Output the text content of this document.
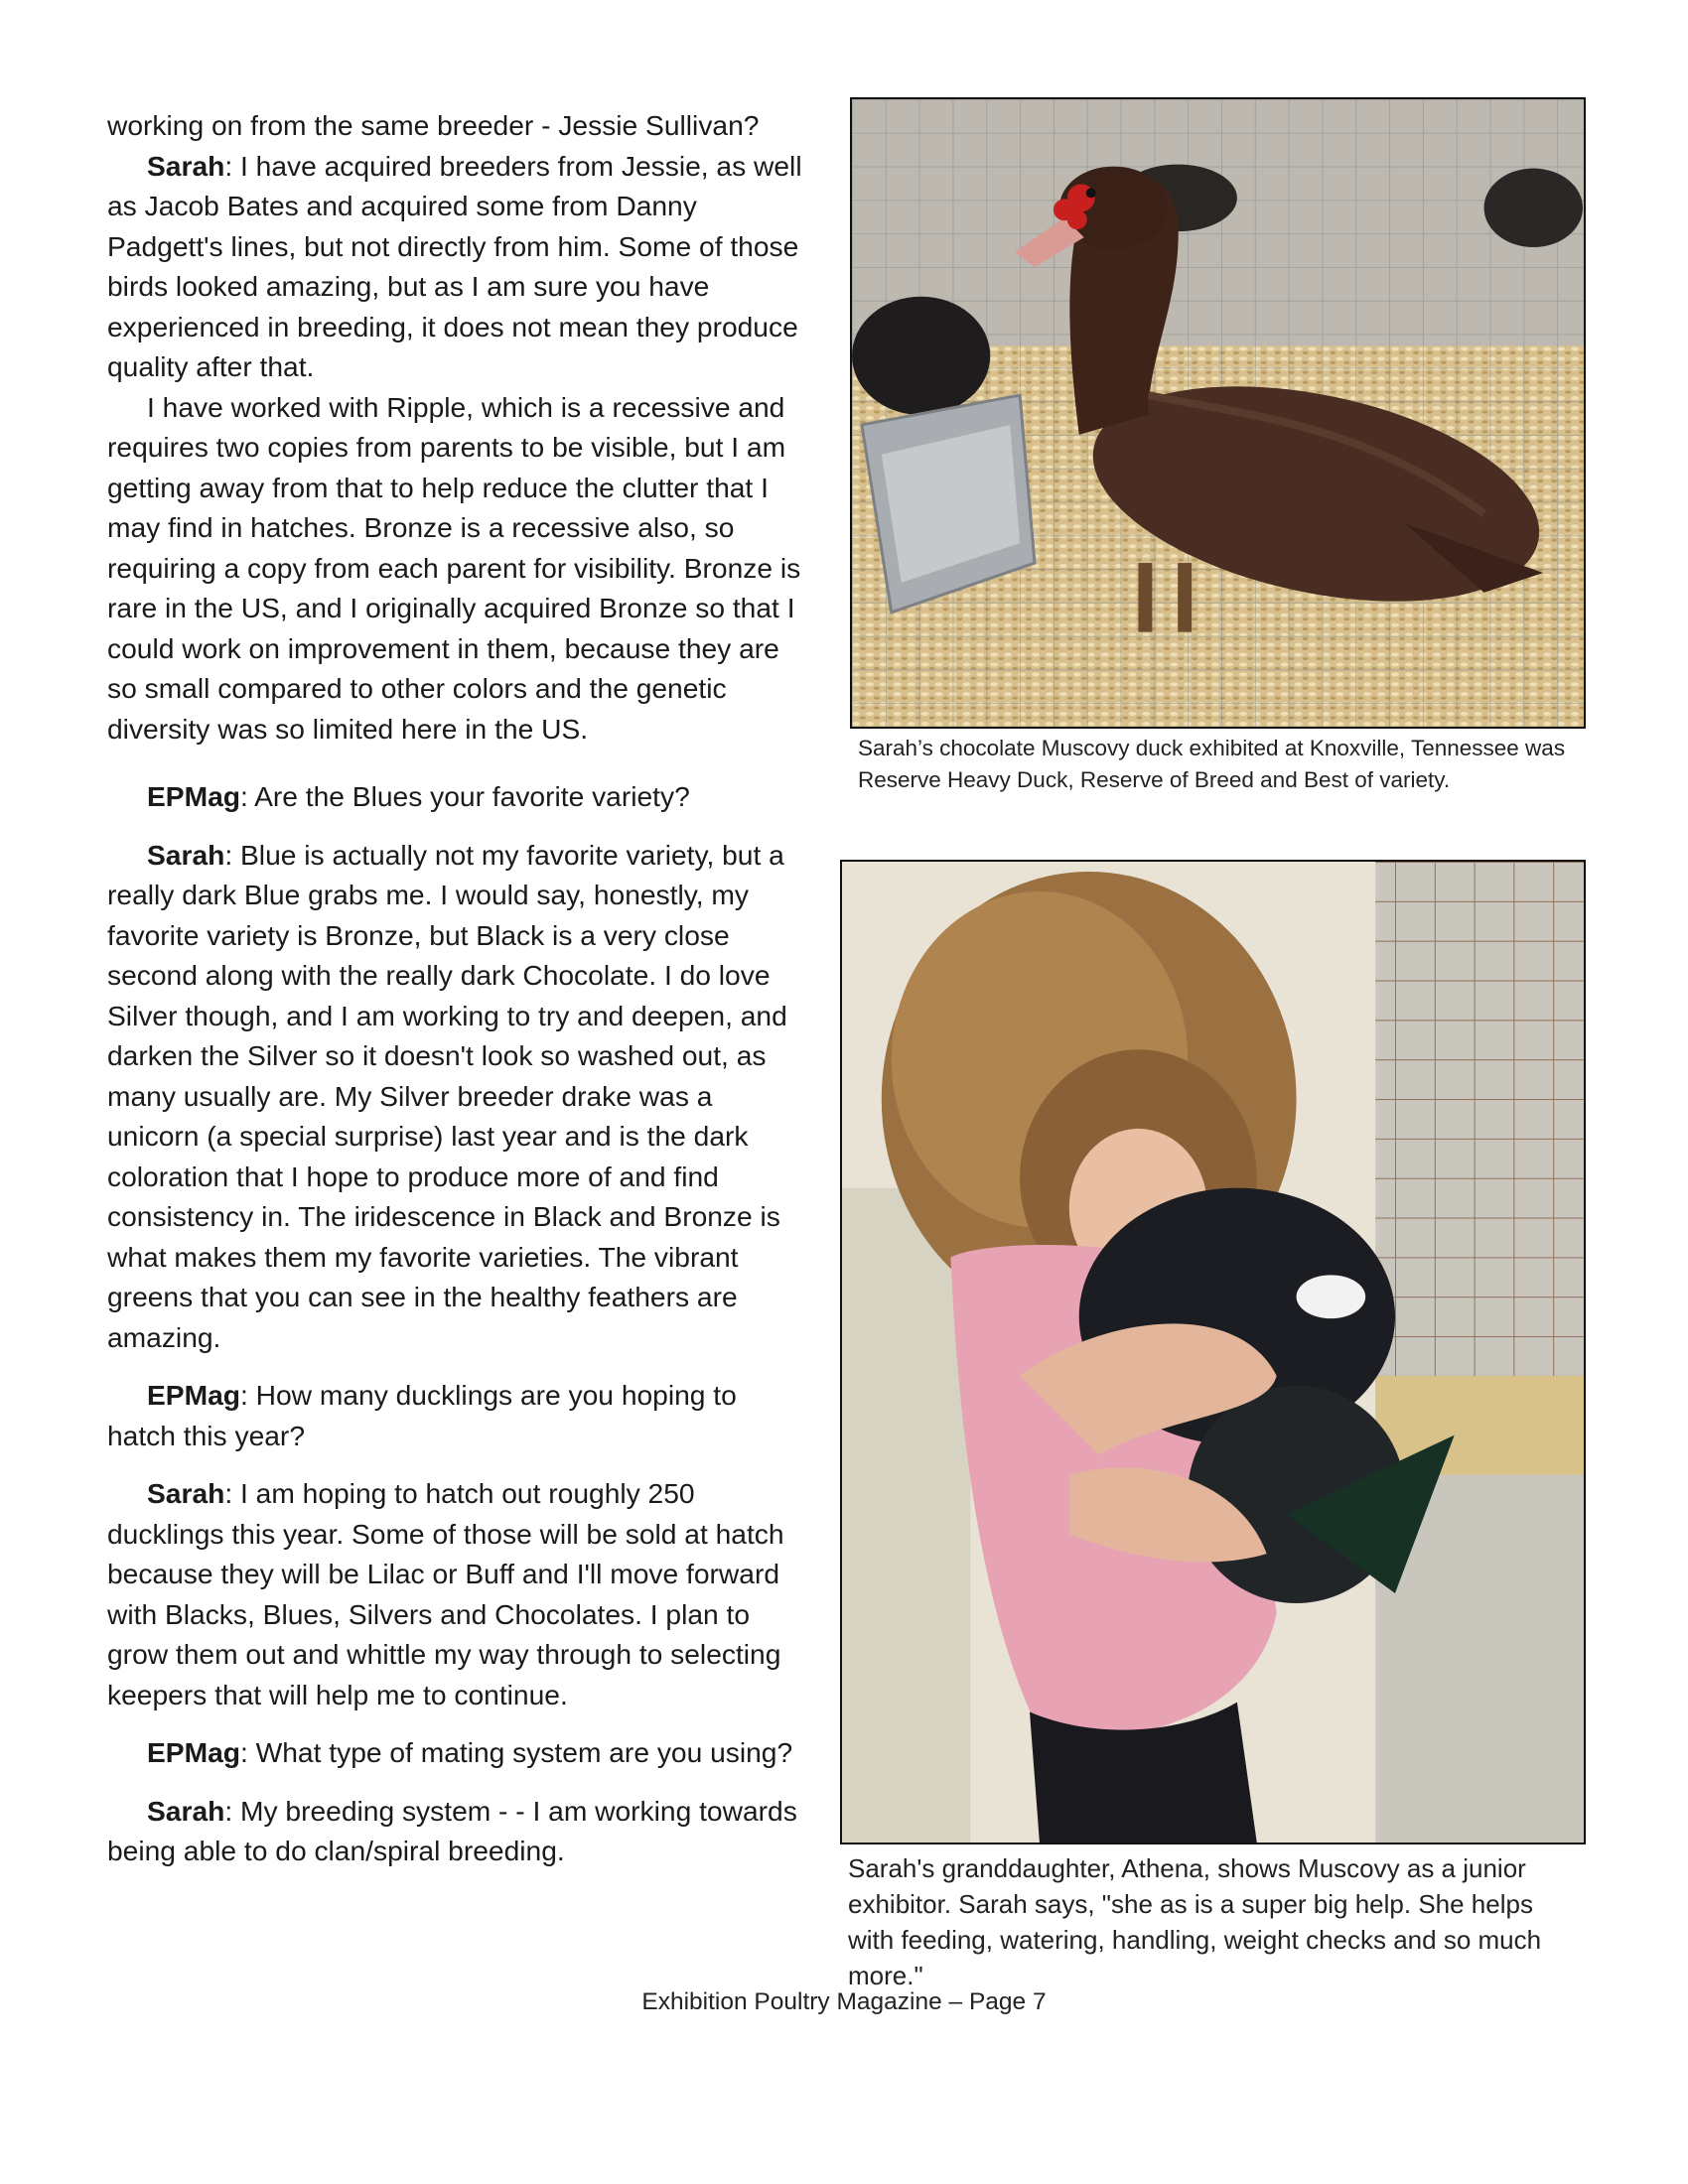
working on from the same breeder - Jessie Sullivan?

Sarah: I have acquired breeders from Jessie, as well as Jacob Bates and acquired some from Danny Padgett's lines, but not directly from him. Some of those birds looked amazing, but as I am sure you have experienced in breeding, it does not mean they produce quality after that.

I have worked with Ripple, which is a recessive and requires two copies from parents to be visible, but I am getting away from that to help reduce the clutter that I may find in hatches. Bronze is a recessive also, so requiring a copy from each parent for visibility. Bronze is rare in the US, and I originally acquired Bronze so that I could work on improvement in them, because they are so small compared to other colors and the genetic diversity was so limited here in the US.

EPMag: Are the Blues your favorite variety?

Sarah: Blue is actually not my favorite variety, but a really dark Blue grabs me. I would say, honestly, my favorite variety is Bronze, but Black is a very close second along with the really dark Chocolate. I do love Silver though, and I am working to try and deepen, and darken the Silver so it doesn't look so washed out, as many usually are. My Silver breeder drake was a unicorn (a special surprise) last year and is the dark coloration that I hope to produce more of and find consistency in. The iridescence in Black and Bronze is what makes them my favorite varieties. The vibrant greens that you can see in the healthy feathers are amazing.

EPMag: How many ducklings are you hoping to hatch this year?

Sarah: I am hoping to hatch out roughly 250 ducklings this year. Some of those will be sold at hatch because they will be Lilac or Buff and I'll move forward with Blacks, Blues, Silvers and Chocolates. I plan to grow them out and whittle my way through to selecting keepers that will help me to continue.

EPMag: What type of mating system are you using?

Sarah: My breeding system - - I am working towards being able to do clan/spiral breeding.

Sarah’s chocolate Muscovy duck exhibited at Knoxville, Tennessee was Reserve Heavy Duck, Reserve of Breed and Best of variety.
Sarah's granddaughter, Athena, shows Muscovy as a junior exhibitor. Sarah says, "she as is a super big help. She helps with feeding, watering, handling, weight checks and so much more."
Exhibition Poultry Magazine – Page 7
